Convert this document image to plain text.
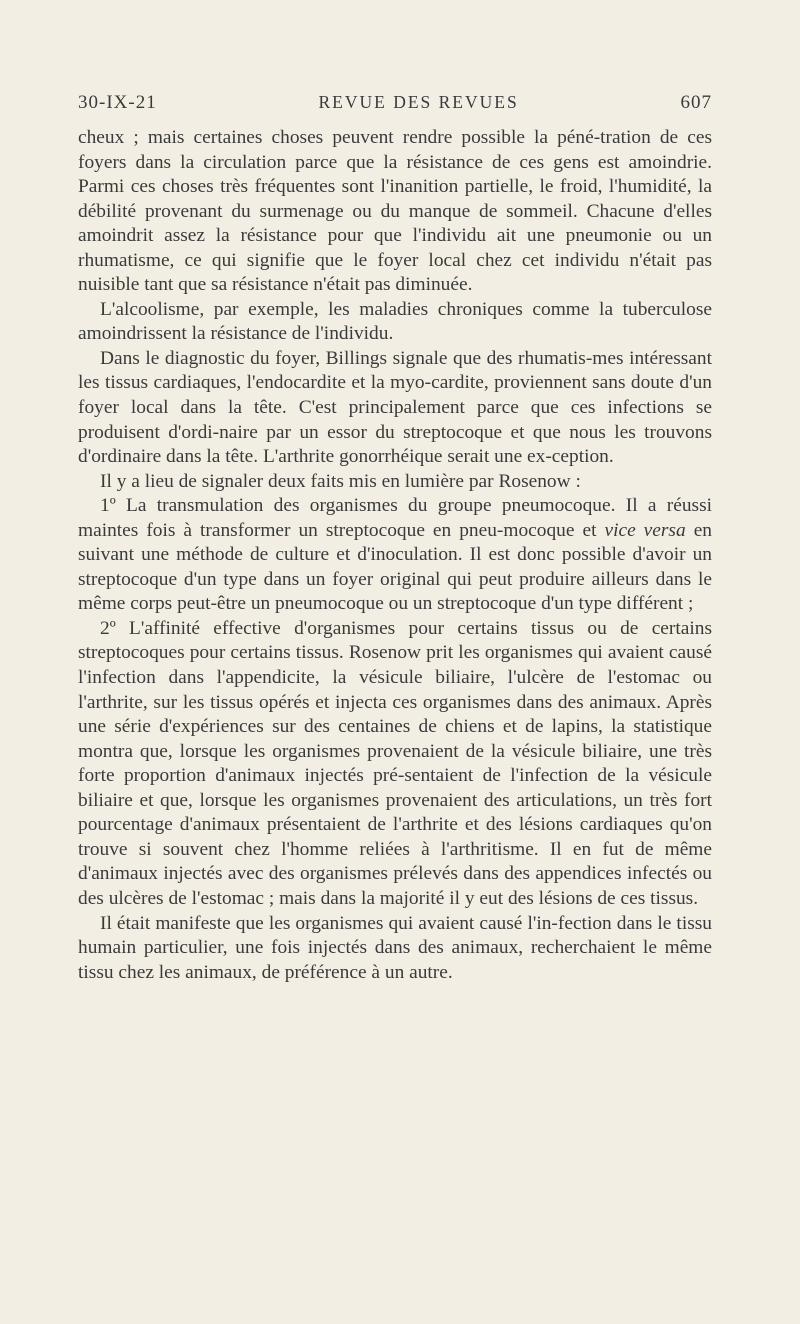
30-IX-21	REVUE DES REVUES	607

cheux ; mais certaines choses peuvent rendre possible la péné-tration de ces foyers dans la circulation parce que la résistance de ces gens est amoindrie. Parmi ces choses très fréquentes sont l'inanition partielle, le froid, l'humidité, la débilité provenant du surmenage ou du manque de sommeil. Chacune d'elles amoindrit assez la résistance pour que l'individu ait une pneumonie ou un rhumatisme, ce qui signifie que le foyer local chez cet individu n'était pas nuisible tant que sa résistance n'était pas diminuée.

L'alcoolisme, par exemple, les maladies chroniques comme la tuberculose amoindrissent la résistance de l'individu.

Dans le diagnostic du foyer, Billings signale que des rhumatis-mes intéressant les tissus cardiaques, l'endocardite et la myo-cardite, proviennent sans doute d'un foyer local dans la tête. C'est principalement parce que ces infections se produisent d'ordi-naire par un essor du streptocoque et que nous les trouvons d'ordinaire dans la tête. L'arthrite gonorrhéique serait une ex-ception.

Il y a lieu de signaler deux faits mis en lumière par Rosenow :

1º La transmulation des organismes du groupe pneumocoque. Il a réussi maintes fois à transformer un streptocoque en pneu-mocoque et vice versa en suivant une méthode de culture et d'inoculation. Il est donc possible d'avoir un streptocoque d'un type dans un foyer original qui peut produire ailleurs dans le même corps peut-être un pneumocoque ou un streptocoque d'un type différent ;

2º L'affinité effective d'organismes pour certains tissus ou de certains streptocoques pour certains tissus. Rosenow prit les organismes qui avaient causé l'infection dans l'appendicite, la vésicule biliaire, l'ulcère de l'estomac ou l'arthrite, sur les tissus opérés et injecta ces organismes dans des animaux. Après une série d'expériences sur des centaines de chiens et de lapins, la statistique montra que, lorsque les organismes provenaient de la vésicule biliaire, une très forte proportion d'animaux injectés pré-sentaient de l'infection de la vésicule biliaire et que, lorsque les organismes provenaient des articulations, un très fort pourcentage d'animaux présentaient de l'arthrite et des lésions cardiaques qu'on trouve si souvent chez l'homme reliées à l'arthritisme. Il en fut de même d'animaux injectés avec des organismes prélevés dans des appendices infectés ou des ulcères de l'estomac ; mais dans la majorité il y eut des lésions de ces tissus.

Il était manifeste que les organismes qui avaient causé l'in-fection dans le tissu humain particulier, une fois injectés dans des animaux, recherchaient le même tissu chez les animaux, de préférence à un autre.
